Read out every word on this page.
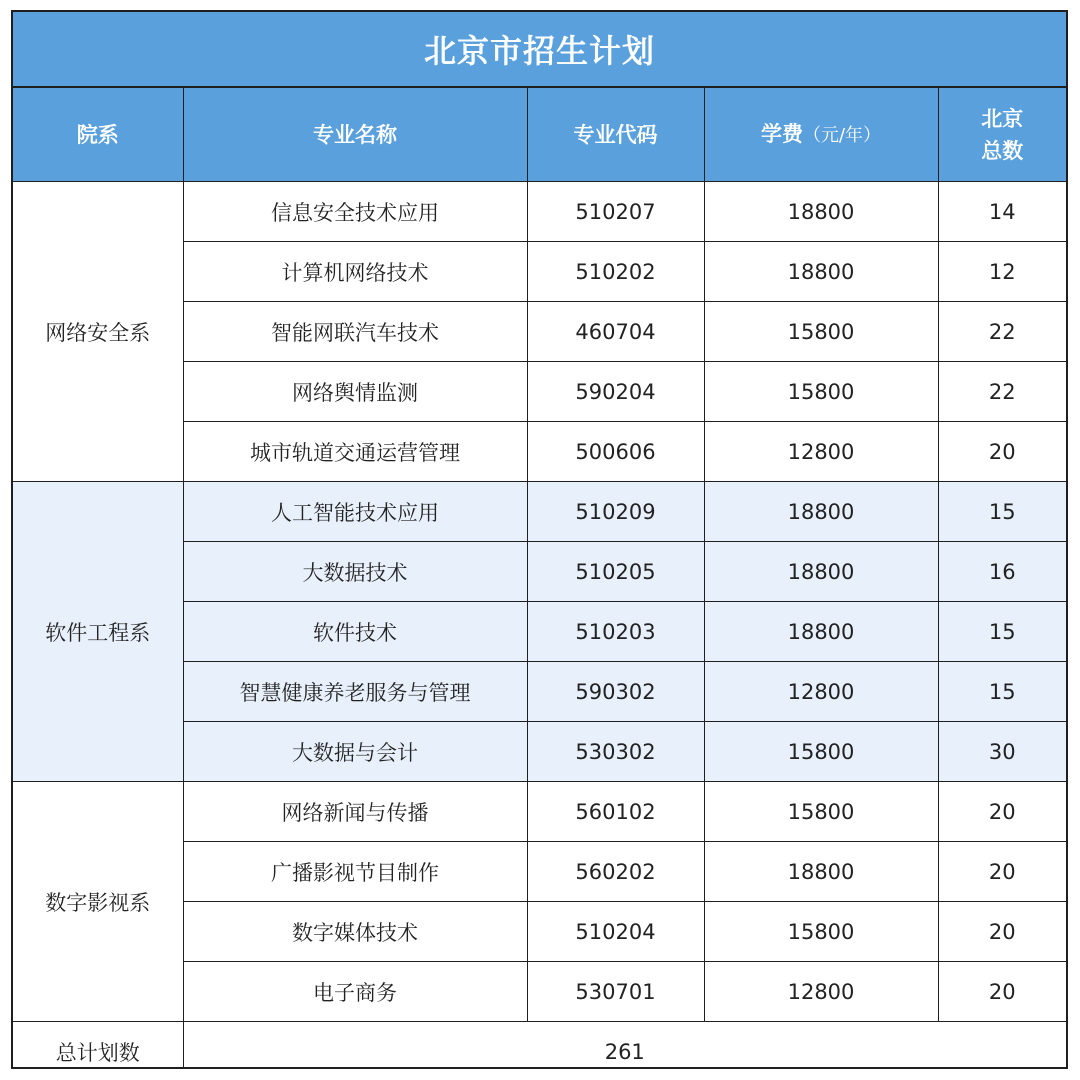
北京市招生计划
院系	专业名称	专业代码	学费（元/年）	北京
总数
网络安全系	信息安全技术应用	510207	18800	14
	计算机网络技术	510202	18800	12
	智能网联汽车技术	460704	15800	22
	网络舆情监测	590204	15800	22
	城市轨道交通运营管理	500606	12800	20
软件工程系	人工智能技术应用	510209	18800	15
	大数据技术	510205	18800	16
	软件技术	510203	18800	15
	智慧健康养老服务与管理	590302	12800	15
	大数据与会计	530302	15800	30
数字影视系	网络新闻与传播	560102	15800	20
	广播影视节目制作	560202	18800	20
	数字媒体技术	510204	15800	20
	电子商务	530701	12800	20
总计划数	261			
